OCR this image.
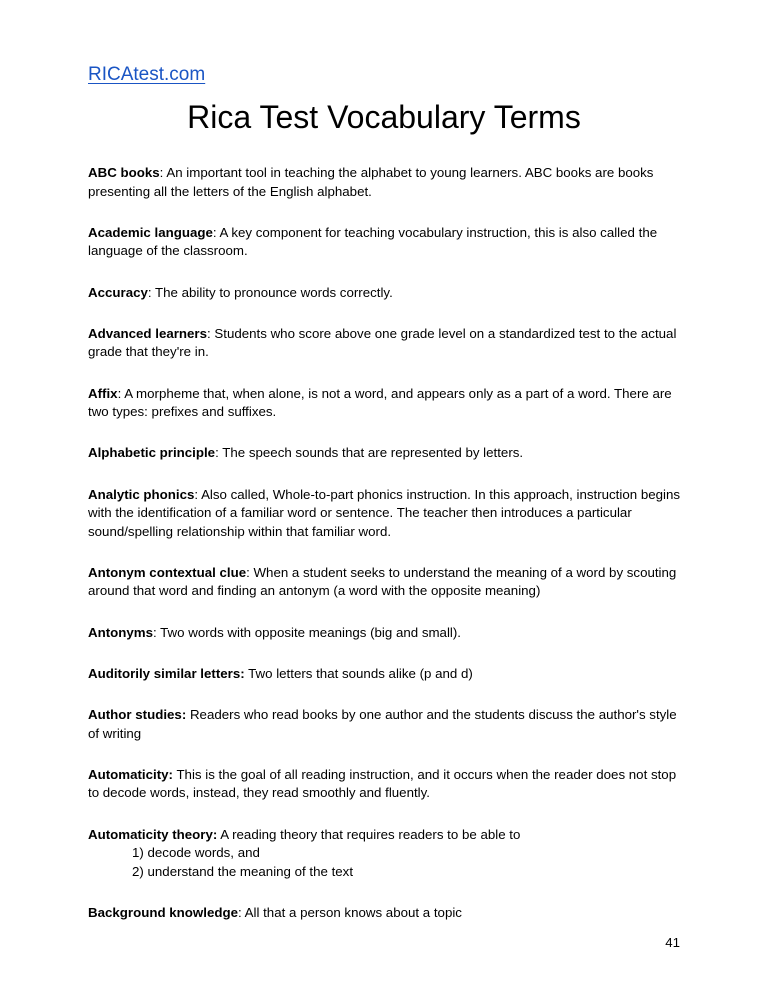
RICAtest.com
Rica Test Vocabulary Terms

ABC books: An important tool in teaching the alphabet to young learners. ABC books are books presenting all the letters of the English alphabet.

Academic language: A key component for teaching vocabulary instruction, this is also called the language of the classroom.

Accuracy: The ability to pronounce words correctly.

Advanced learners: Students who score above one grade level on a standardized test to the actual grade that they're in.

Affix: A morpheme that, when alone, is not a word, and appears only as a part of a word. There are two types: prefixes and suffixes.

Alphabetic principle: The speech sounds that are represented by letters.

Analytic phonics: Also called, Whole-to-part phonics instruction. In this approach, instruction begins with the identification of a familiar word or sentence. The teacher then introduces a particular sound/spelling relationship within that familiar word.

Antonym contextual clue: When a student seeks to understand the meaning of a word by scouting around that word and finding an antonym (a word with the opposite meaning)

Antonyms: Two words with opposite meanings (big and small).

Auditorily similar letters: Two letters that sounds alike (p and d)

Author studies: Readers who read books by one author and the students discuss the author's style of writing

Automaticity: This is the goal of all reading instruction, and it occurs when the reader does not stop to decode words, instead, they read smoothly and fluently.

Automaticity theory: A reading theory that requires readers to be able to
1) decode words, and
2) understand the meaning of the text

Background knowledge: All that a person knows about a topic

41
